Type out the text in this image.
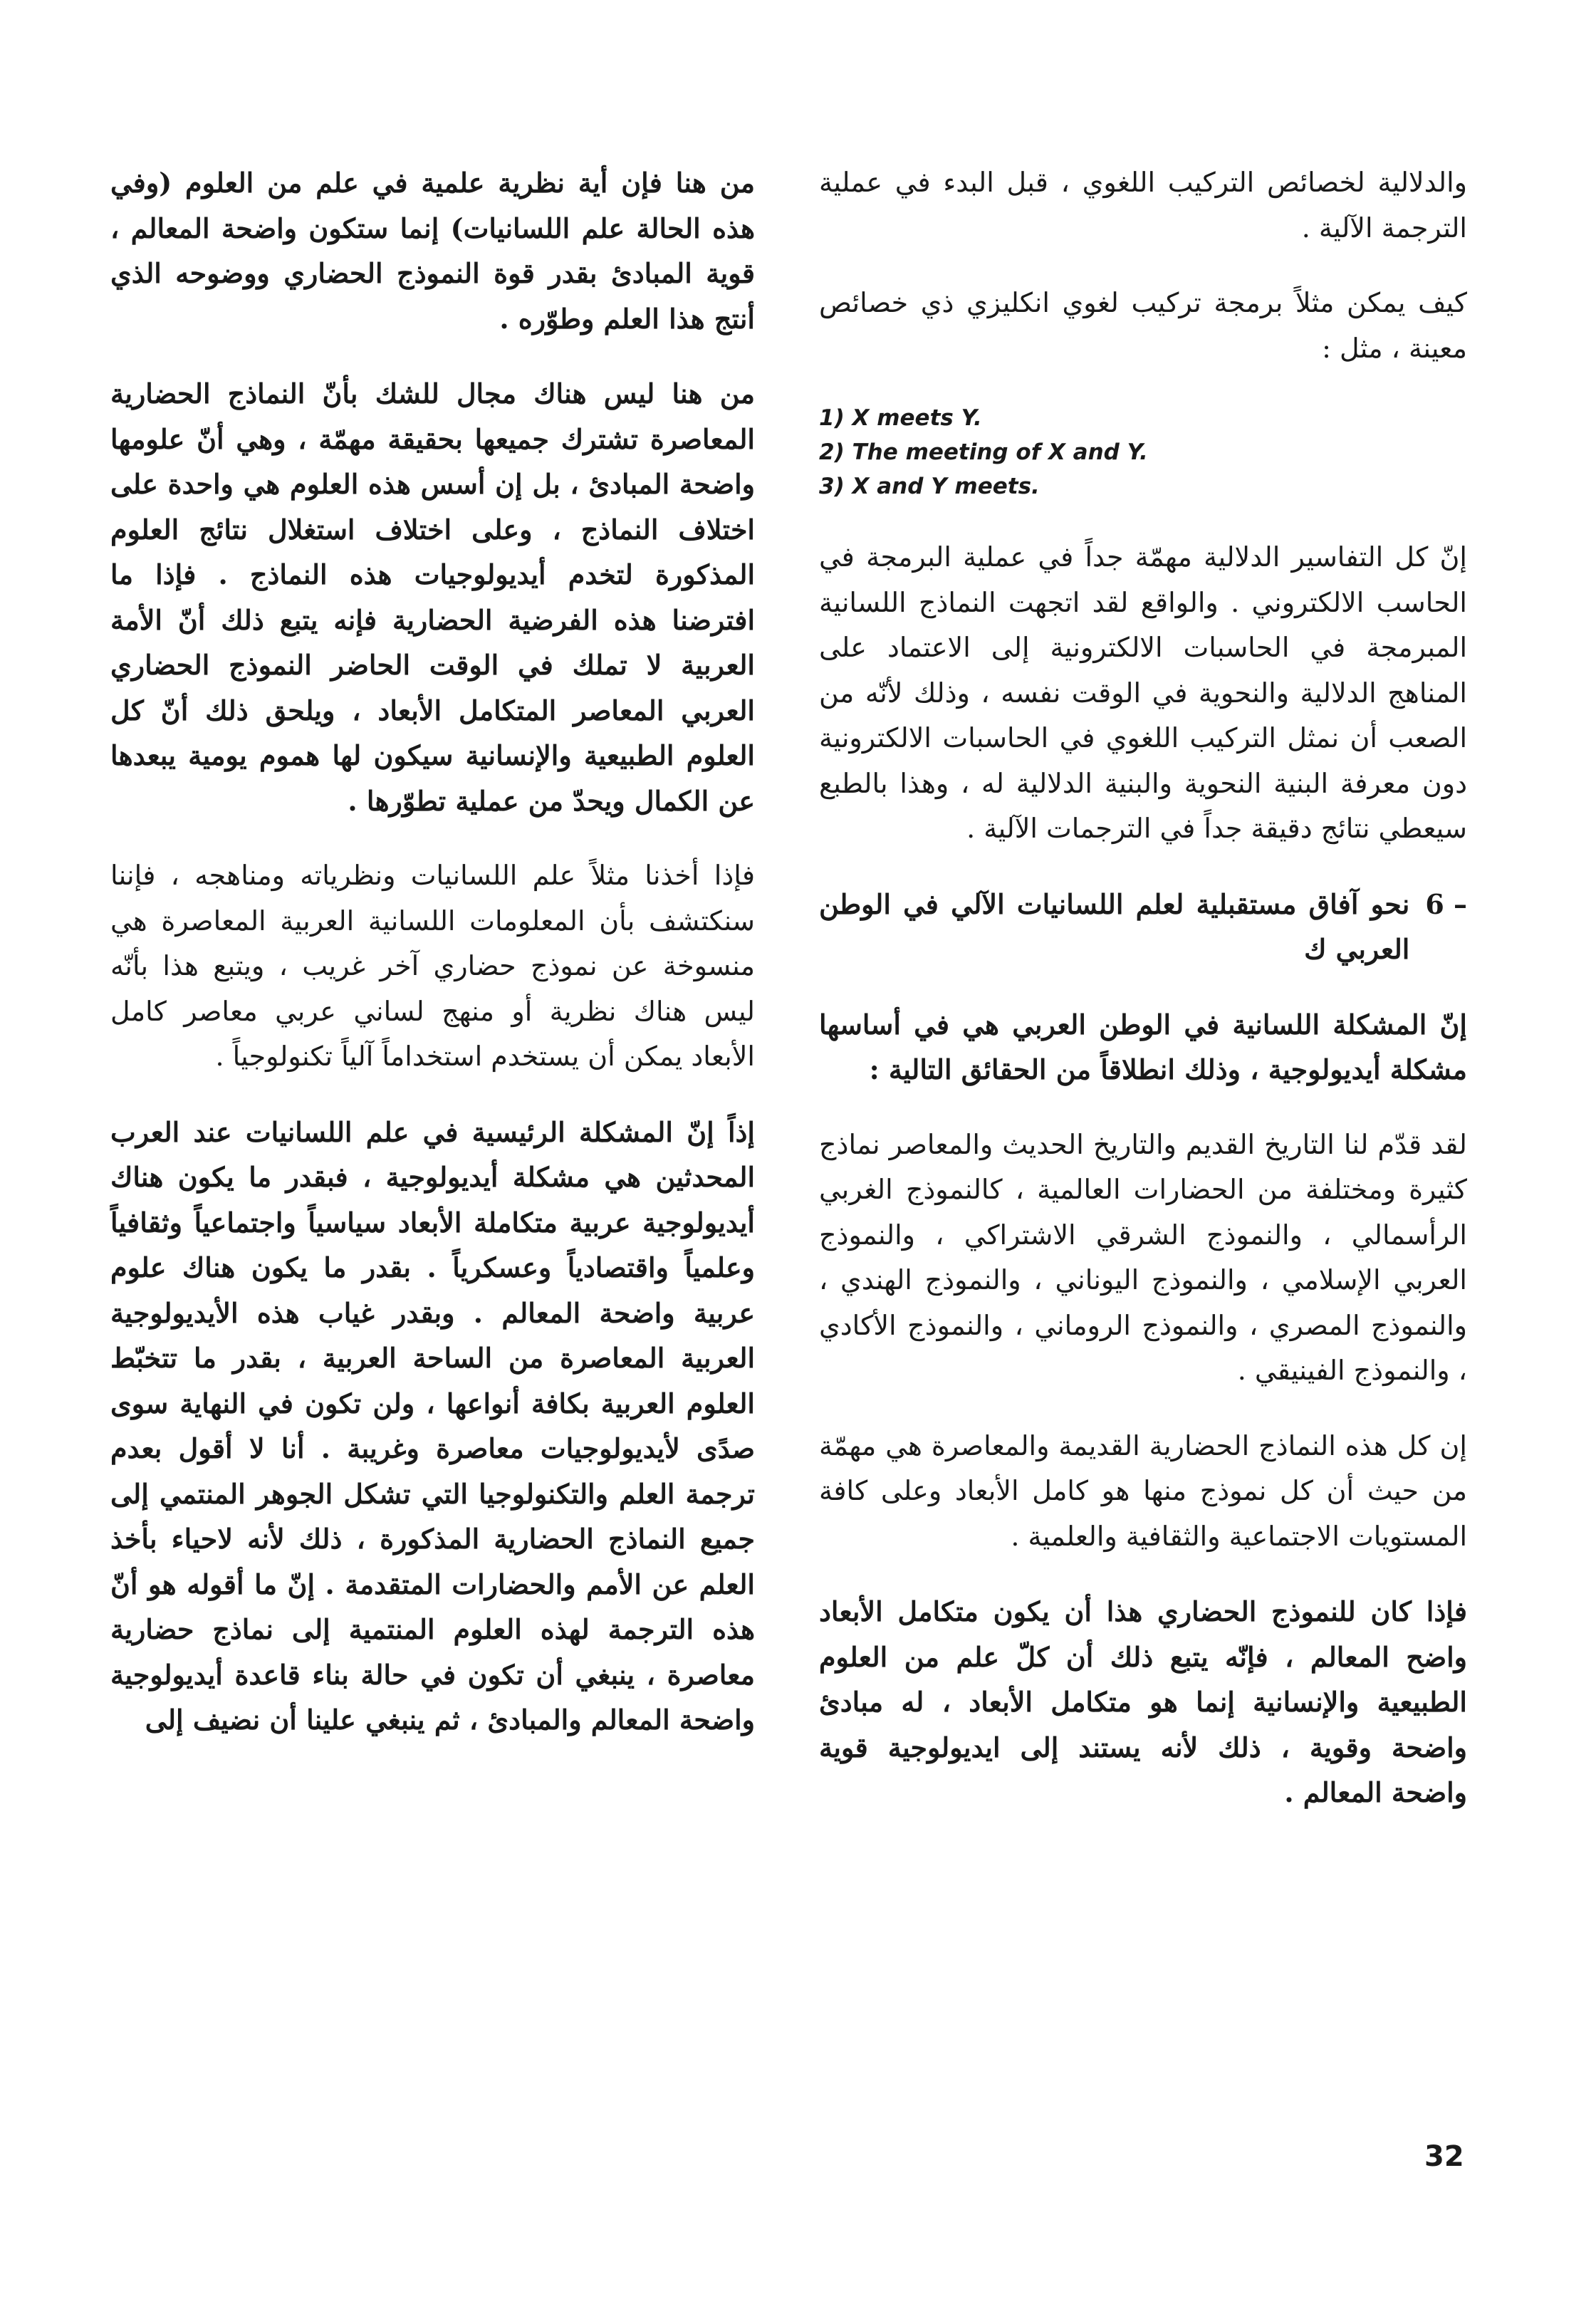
والدلالية لخصائص التركيب اللغوي ، قبل البدء في عملية الترجمة الآلية .

كيف يمكن مثلاً برمجة تركيب لغوي انكليزي ذي خصائص معينة ، مثل :

1) X meets Y.
2) The meeting of X and Y.
3) X and Y meets.

إنّ كل التفاسير الدلالية مهمّة جداً في عملية البرمجة في الحاسب الالكتروني . والواقع لقد اتجهت النماذج اللسانية المبرمجة في الحاسبات الالكترونية إلى الاعتماد على المناهج الدلالية والنحوية في الوقت نفسه ، وذلك لأنّه من الصعب أن نمثل التركيب اللغوي في الحاسبات الالكترونية دون معرفة البنية النحوية والبنية الدلالية له ، وهذا بالطبع سيعطي نتائج دقيقة جداً في الترجمات الآلية .

6 –
نحو آفاق مستقبلية لعلم اللسانيات الآلي في الوطن العربي ك

إنّ المشكلة اللسانية في الوطن العربي هي في أساسها مشكلة أيديولوجية ، وذلك انطلاقاً من الحقائق التالية :

لقد قدّم لنا التاريخ القديم والتاريخ الحديث والمعاصر نماذج كثيرة ومختلفة من الحضارات العالمية ، كالنموذج الغربي الرأسمالي ، والنموذج الشرقي الاشتراكي ، والنموذج العربي الإسلامي ، والنموذج اليوناني ، والنموذج الهندي ، والنموذج المصري ، والنموذج الروماني ، والنموذج الأكادي ، والنموذج الفينيقي .

إن كل هذه النماذج الحضارية القديمة والمعاصرة هي مهمّة من حيث أن كل نموذج منها هو كامل الأبعاد وعلى كافة المستويات الاجتماعية والثقافية والعلمية .

فإذا كان للنموذج الحضاري هذا أن يكون متكامل الأبعاد واضح المعالم ، فإنّه يتبع ذلك أن كلّ علم من العلوم الطبيعية والإنسانية إنما هو متكامل الأبعاد ، له مبادئ واضحة وقوية ، ذلك لأنه يستند إلى ايديولوجية قوية واضحة المعالم .

من هنا فإن أية نظرية علمية في علم من العلوم (وفي هذه الحالة علم اللسانيات) إنما ستكون واضحة المعالم ، قوية المبادئ بقدر قوة النموذج الحضاري ووضوحه الذي أنتج هذا العلم وطوّره .

من هنا ليس هناك مجال للشك بأنّ النماذج الحضارية المعاصرة تشترك جميعها بحقيقة مهمّة ، وهي أنّ علومها واضحة المبادئ ، بل إن أسس هذه العلوم هي واحدة على اختلاف النماذج ، وعلى اختلاف استغلال نتائج العلوم المذكورة لتخدم أيديولوجيات هذه النماذج . فإذا ما افترضنا هذه الفرضية الحضارية فإنه يتبع ذلك أنّ الأمة العربية لا تملك في الوقت الحاضر النموذج الحضاري العربي المعاصر المتكامل الأبعاد ، ويلحق ذلك أنّ كل العلوم الطبيعية والإنسانية سيكون لها هموم يومية يبعدها عن الكمال ويحدّ من عملية تطوّرها .

فإذا أخذنا مثلاً علم اللسانيات ونظرياته ومناهجه ، فإننا سنكتشف بأن المعلومات اللسانية العربية المعاصرة هي منسوخة عن نموذج حضاري آخر غريب ، ويتبع هذا بأنّه ليس هناك نظرية أو منهج لساني عربي معاصر كامل الأبعاد يمكن أن يستخدم استخداماً آلياً تكنولوجياً .

إذاً إنّ المشكلة الرئيسية في علم اللسانيات عند العرب المحدثين هي مشكلة أيديولوجية ، فبقدر ما يكون هناك أيديولوجية عربية متكاملة الأبعاد سياسياً واجتماعياً وثقافياً وعلمياً واقتصادياً وعسكرياً . بقدر ما يكون هناك علوم عربية واضحة المعالم . وبقدر غياب هذه الأيديولوجية العربية المعاصرة من الساحة العربية ، بقدر ما تتخبّط العلوم العربية بكافة أنواعها ، ولن تكون في النهاية سوى صدًى لأيديولوجيات معاصرة وغريبة . أنا لا أقول بعدم ترجمة العلم والتكنولوجيا التي تشكل الجوهر المنتمي إلى جميع النماذج الحضارية المذكورة ، ذلك لأنه لاحياء بأخذ العلم عن الأمم والحضارات المتقدمة . إنّ ما أقوله هو أنّ هذه الترجمة لهذه العلوم المنتمية إلى نماذج حضارية معاصرة ، ينبغي أن تكون في حالة بناء قاعدة أيديولوجية واضحة المعالم والمبادئ ، ثم ينبغي علينا أن نضيف إلى

32
